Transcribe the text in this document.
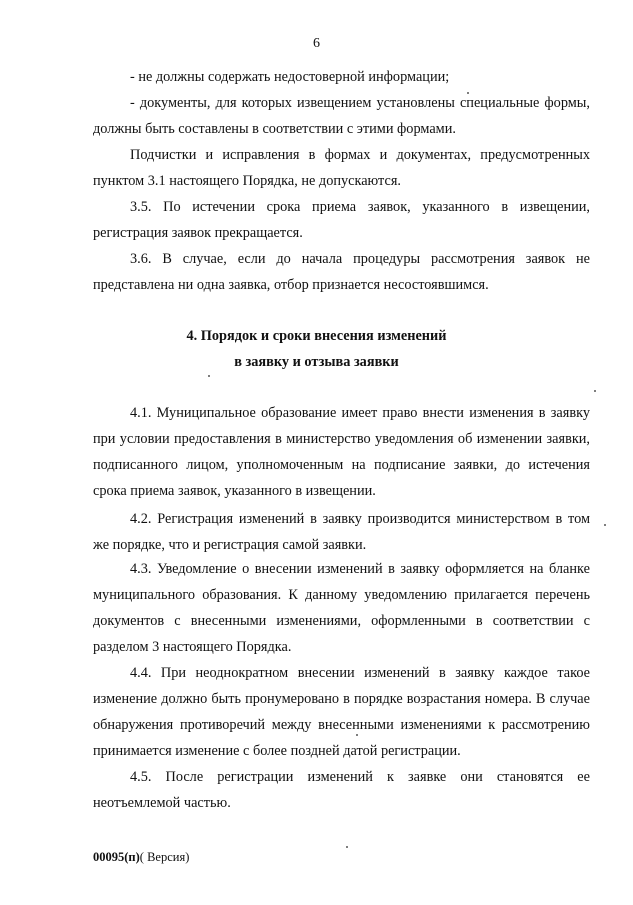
6
- не должны содержать недостоверной информации;
- документы, для которых извещением установлены специальные формы, должны быть составлены в соответствии с этими формами.
Подчистки и исправления в формах и документах, предусмотренных пунктом 3.1 настоящего Порядка, не допускаются.
3.5. По истечении срока приема заявок, указанного в извещении, регистрация заявок прекращается.
3.6. В случае, если до начала процедуры рассмотрения заявок не представлена ни одна заявка, отбор признается несостоявшимся.
4. Порядок и сроки внесения изменений
в заявку и отзыва заявки
4.1. Муниципальное образование имеет право внести изменения в заявку при условии предоставления в министерство уведомления об изменении заявки, подписанного лицом, уполномоченным на подписание заявки, до истечения срока приема заявок, указанного в извещении.
4.2. Регистрация изменений в заявку производится министерством в том же порядке, что и регистрация самой заявки.
4.3. Уведомление о внесении изменений в заявку оформляется на бланке муниципального образования. К данному уведомлению прилагается перечень документов с внесенными изменениями, оформленными в соответствии с разделом 3 настоящего Порядка.
4.4. При неоднократном внесении изменений в заявку каждое такое изменение должно быть пронумеровано в порядке возрастания номера. В случае обнаружения противоречий между внесенными изменениями к рассмотрению принимается изменение с более поздней датой регистрации.
4.5. После регистрации изменений к заявке они становятся ее неотъемлемой частью.
00095(п)( Версия)
